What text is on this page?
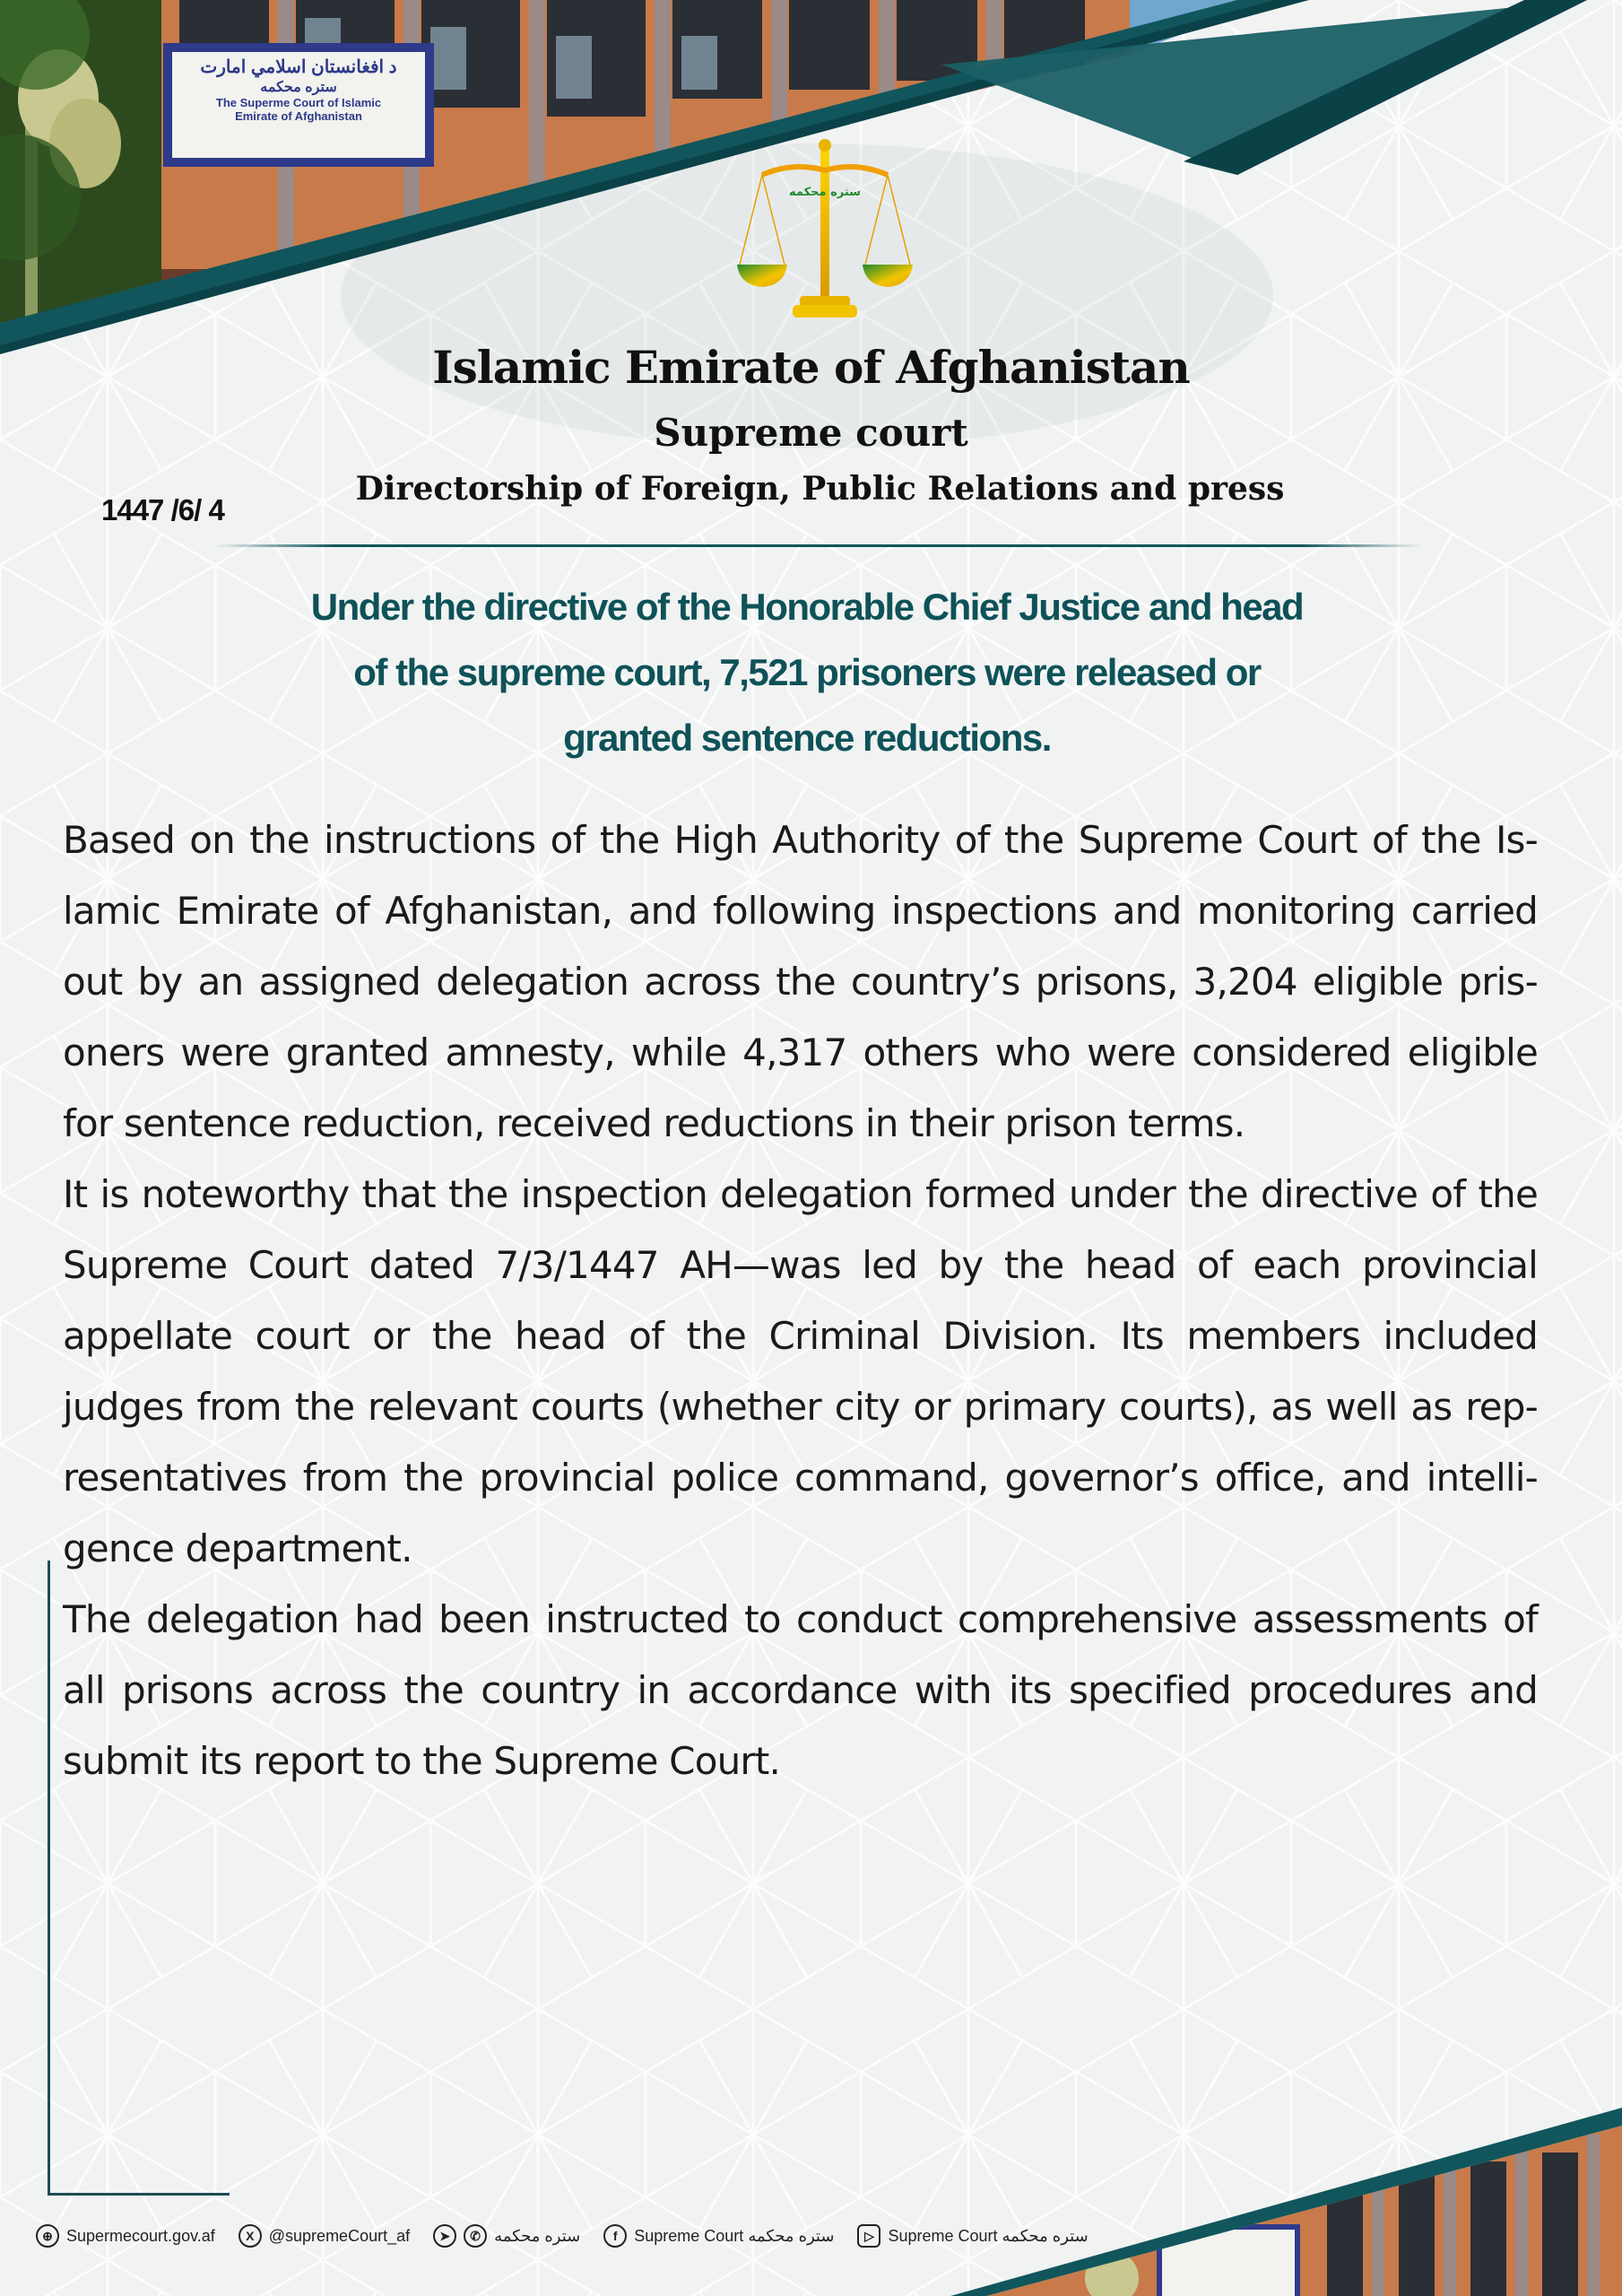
د افغانستان اسلامي امارت
ستره محکمه
The Superme Court of Islamic
Emirate of Afghanistan
ستره محکمه
Islamic Emirate of Afghanistan
Supreme court
Directorship of Foreign, Public Relations and press
1447 /6/ 4
Under the directive of the Honorable Chief Justice and head
of the supreme court, 7,521 prisoners were released or
granted sentence reductions.
Based on the instructions of the High Authority of the Supreme Court of the Is-
lamic Emirate of Afghanistan, and following inspections and monitoring carried
out by an assigned delegation across the country’s prisons, 3,204 eligible pris-
oners were granted amnesty, while 4,317 others who were considered eligible
for sentence reduction, received reductions in their prison terms.
It is noteworthy that the inspection delegation formed under the directive of the
Supreme Court dated 7/3/1447 AH—was led by the head of each provincial
appellate court or the head of the Criminal Division. Its members included
judges from the relevant courts (whether city or primary courts), as well as rep-
resentatives from the provincial police command, governor’s office, and intelli-
gence department.
The delegation had been instructed to conduct comprehensive assessments of
all prisons across the country in accordance with its specified procedures and
submit its report to the Supreme Court.
⊕ Supermecourt.gov.af	X @supremeCourt_af	➤	✆ ستره محکمه	f	Supreme Court ستره محکمه	▷ Supreme Court ستره محکمه
